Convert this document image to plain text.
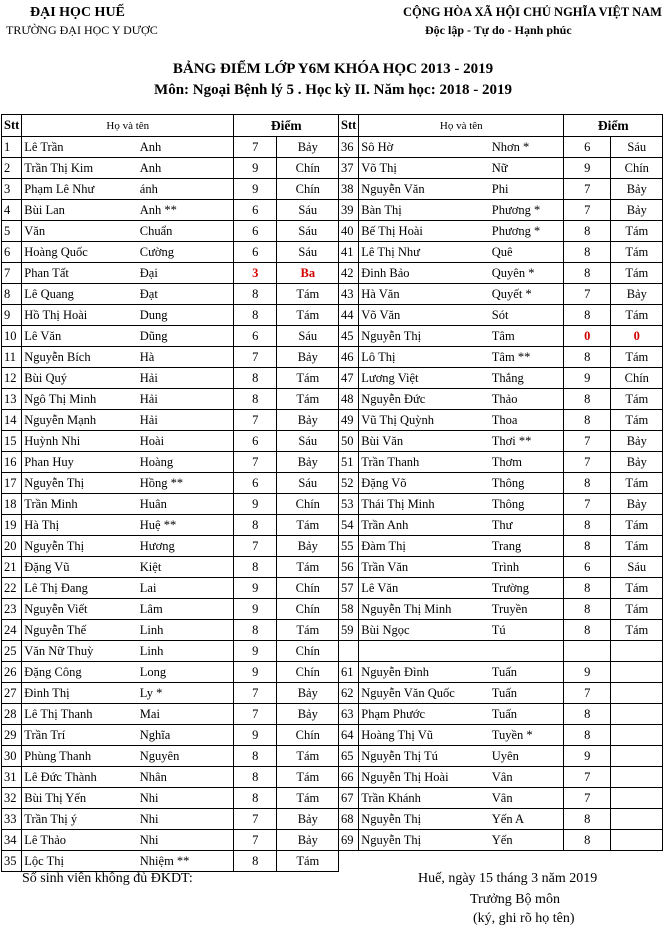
ĐẠI HỌC HUẾ
TRƯỜNG ĐẠI HỌC Y DƯỢC
CỘNG HÒA XÃ HỘI CHỦ NGHĨA VIỆT NAM
Độc lập - Tự do - Hạnh phúc
BẢNG ĐIỂM LỚP Y6M KHÓA HỌC 2013 - 2019
Môn: Ngoại Bệnh lý 5 . Học kỳ II. Năm học: 2018 - 2019
Stt	Họ và tên		Điểm	
1	Lê Trần	Anh	7	Bảy
2	Trần Thị Kim	Anh	9	Chín
3	Phạm Lê Như	ánh	9	Chín
4	Bùi Lan	Anh **	6	Sáu
5	Văn	Chuẩn	6	Sáu
6	Hoàng Quốc	Cường	6	Sáu
7	Phan Tất	Đại	3	Ba
8	Lê Quang	Đạt	8	Tám
9	Hồ Thị Hoài	Dung	8	Tám
10	Lê Văn	Dũng	6	Sáu
11	Nguyễn Bích	Hà	7	Bảy
12	Bùi Quý	Hải	8	Tám
13	Ngô Thị Minh	Hải	8	Tám
14	Nguyễn Mạnh	Hải	7	Bảy
15	Huỳnh Nhi	Hoài	6	Sáu
16	Phan Huy	Hoàng	7	Bảy
17	Nguyễn Thị	Hồng **	6	Sáu
18	Trần Minh	Huân	9	Chín
19	Hà Thị	Huệ **	8	Tám
20	Nguyễn Thị	Hương	7	Bảy
21	Đặng Vũ	Kiệt	8	Tám
22	Lê Thị Đang	Lai	9	Chín
23	Nguyễn Viết	Lâm	9	Chín
24	Nguyễn Thế	Linh	8	Tám
25	Văn Nữ Thuỳ	Linh	9	Chín
26	Đặng Công	Long	9	Chín
27	Đinh Thị	Ly *	7	Bảy
28	Lê Thị Thanh	Mai	7	Bảy
29	Trần Trí	Nghĩa	9	Chín
30	Phùng Thanh	Nguyên	8	Tám
31	Lê Đức Thành	Nhân	8	Tám
32	Bùi Thị Yến	Nhi	8	Tám
33	Trần Thị ý	Nhi	7	Bảy
34	Lê Thảo	Nhi	7	Bảy
35	Lộc Thị	Nhiệm **	8	Tám
Stt	Họ và tên		Điểm	
36	Sô Hờ	Nhơn *	6	Sáu
37	Võ Thị	Nữ	9	Chín
38	Nguyễn Văn	Phi	7	Bảy
39	Bàn Thị	Phương *	7	Bảy
40	Bế Thị Hoài	Phương *	8	Tám
41	Lê Thị Như	Quê	8	Tám
42	Đinh Bảo	Quyên *	8	Tám
43	Hà Văn	Quyết *	7	Bảy
44	Võ Văn	Sót	8	Tám
45	Nguyễn Thị	Tâm	0	0
46	Lô Thị	Tâm **	8	Tám
47	Lương Việt	Thắng	9	Chín
48	Nguyễn Đức	Thảo	8	Tám
49	Vũ Thị Quỳnh	Thoa	8	Tám
50	Bùi Văn	Thơi **	7	Bảy
51	Trần Thanh	Thơm	7	Bảy
52	Đặng Võ	Thông	8	Tám
53	Thái Thị Minh	Thông	7	Bảy
54	Trần Anh	Thư	8	Tám
55	Đàm Thị	Trang	8	Tám
56	Trần Văn	Trình	6	Sáu
57	Lê Văn	Trường	8	Tám
58	Nguyễn Thị Minh	Truyền	8	Tám
59	Bùi Ngọc	Tú	8	Tám

61	Nguyễn Đình	Tuấn	9	
62	Nguyễn Văn Quốc	Tuấn	7	
63	Phạm Phước	Tuấn	8	
64	Hoàng Thị Vũ	Tuyền *	8	
65	Nguyễn Thị Tú	Uyên	9	
66	Nguyễn Thị Hoài	Vân	7	
67	Trần Khánh	Vân	7	
68	Nguyễn Thị	Yến A	8	
69	Nguyễn Thị	Yến	8	
Số sinh viên không đủ ĐKDT:	Huế, ngày 15 tháng 3 năm 2019
Trưởng Bộ môn
(ký, ghi rõ họ tên)
